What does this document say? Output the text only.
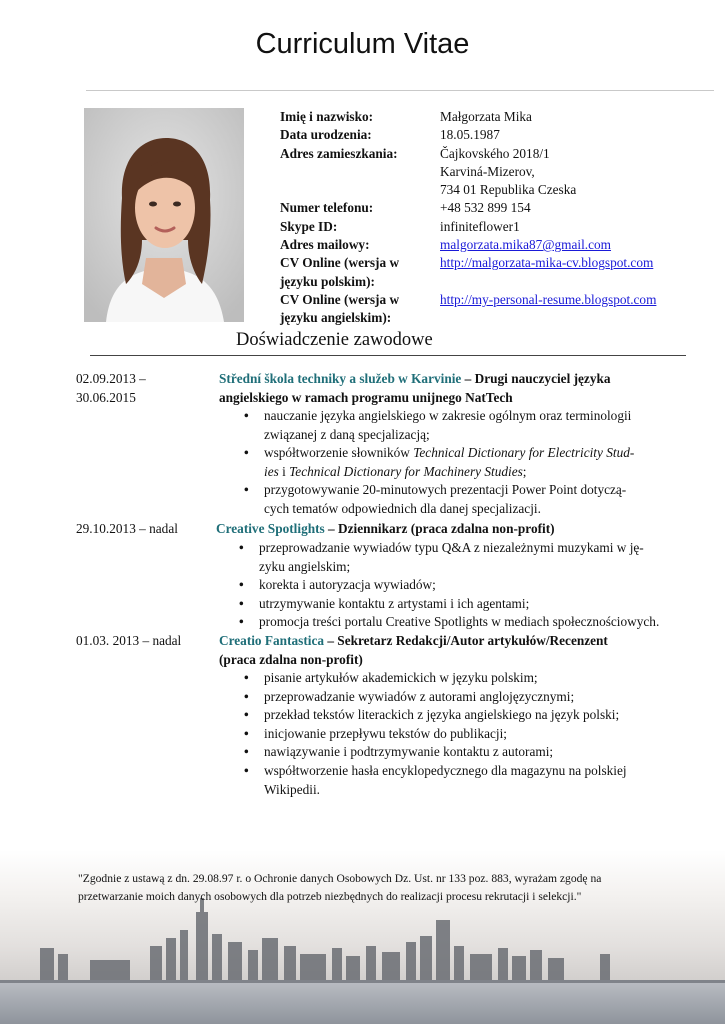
Curriculum Vitae
Imię i nazwisko:	Małgorzata Mika
Data urodzenia:	18.05.1987
Adres zamieszkania:	Čajkovského 2018/1
Karviná-Mizerov,
734 01 Republika Czeska
Numer telefonu:	+48 532 899 154
Skype ID:	infiniteflower1
Adres mailowy:	malgorzata.mika87@gmail.com
CV Online (wersja w
języku polskim):
http://malgorzata-mika-cv.blogspot.com
CV Online (wersja w
języku angielskim):
http://my-personal-resume.blogspot.com
Doświadczenie zawodowe
02.09.2013 –
30.06.2015
Střední škola techniky a služeb w Karvinie – Drugi nauczyciel języka
angielskiego w ramach programu unijnego NatTech
• nauczanie języka angielskiego w zakresie ogólnym oraz terminologii
związanej z daną specjalizacją;
• współtworzenie słowników Technical Dictionary for Electricity Stud-
ies i Technical Dictionary for Machinery Studies;
• przygotowywanie 20-minutowych prezentacji Power Point dotyczą-
cych tematów odpowiednich dla danej specjalizacji.
29.10.2013 – nadal	Creative Spotlights – Dziennikarz (praca zdalna non-profit)
• przeprowadzanie wywiadów typu Q&A z niezależnymi muzykami w ję-
zyku angielskim;
• korekta i autoryzacja wywiadów;
• utrzymywanie kontaktu z artystami i ich agentami;
• promocja treści portalu Creative Spotlights w mediach społecznościowych.
01.03. 2013 – nadal	Creatio Fantastica – Sekretarz Redakcji/Autor artykułów/Recenzent
(praca zdalna non-profit)
• pisanie artykułów akademickich w języku polskim;
• przeprowadzanie wywiadów z autorami anglojęzycznymi;
• przekład tekstów literackich z języka angielskiego na język polski;
• inicjowanie przepływu tekstów do publikacji;
• nawiązywanie i podtrzymywanie kontaktu z autorami;
• współtworzenie hasła encyklopedycznego dla magazynu na polskiej
Wikipedii.
"Zgodnie z ustawą z dn. 29.08.97 r. o Ochronie danych Osobowych Dz. Ust. nr 133 poz. 883, wyrażam zgodę na
przetwarzanie moich danych osobowych dla potrzeb niezbędnych do realizacji procesu rekrutacji i selekcji."
